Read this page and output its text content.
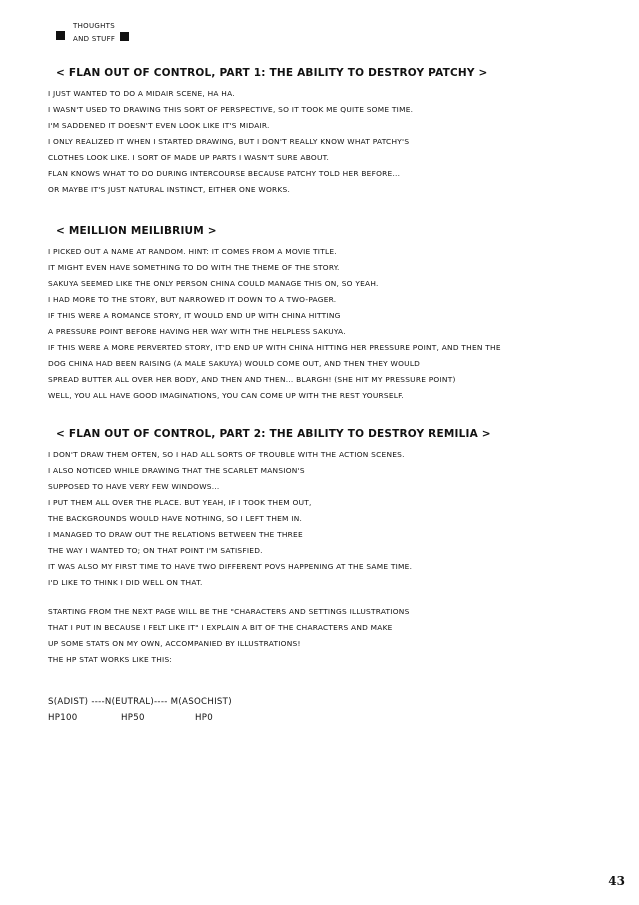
THOUGHTS
AND STUFF
< FLAN OUT OF CONTROL, PART 1: THE ABILITY TO DESTROY PATCHY >
I JUST WANTED TO DO A MIDAIR SCENE, HA HA.
I WASN'T USED TO DRAWING THIS SORT OF PERSPECTIVE, SO IT TOOK ME QUITE SOME TIME.
I'M SADDENED IT DOESN'T EVEN LOOK LIKE IT'S MIDAIR.
I ONLY REALIZED IT WHEN I STARTED DRAWING, BUT I DON'T REALLY KNOW WHAT PATCHY'S
CLOTHES LOOK LIKE. I SORT OF MADE UP PARTS I WASN'T SURE ABOUT.
FLAN KNOWS WHAT TO DO DURING INTERCOURSE BECAUSE PATCHY TOLD HER BEFORE...
OR MAYBE IT'S JUST NATURAL INSTINCT, EITHER ONE WORKS.
< MEILLION MEILIBRIUM >
I PICKED OUT A NAME AT RANDOM. HINT: IT COMES FROM A MOVIE TITLE.
IT MIGHT EVEN HAVE SOMETHING TO DO WITH THE THEME OF THE STORY.
SAKUYA SEEMED LIKE THE ONLY PERSON CHINA COULD MANAGE THIS ON, SO YEAH.
I HAD MORE TO THE STORY, BUT NARROWED IT DOWN TO A TWO-PAGER.
IF THIS WERE A ROMANCE STORY, IT WOULD END UP WITH CHINA HITTING
A PRESSURE POINT BEFORE HAVING HER WAY WITH THE HELPLESS SAKUYA.
IF THIS WERE A MORE PERVERTED STORY, IT'D END UP WITH CHINA HITTING HER PRESSURE POINT, AND THEN THE
DOG CHINA HAD BEEN RAISING (A MALE SAKUYA) WOULD COME OUT, AND THEN THEY WOULD
SPREAD BUTTER ALL OVER HER BODY, AND THEN AND THEN... BLARGH! (SHE HIT MY PRESSURE POINT)
WELL, YOU ALL HAVE GOOD IMAGINATIONS, YOU CAN COME UP WITH THE REST YOURSELF.
< FLAN OUT OF CONTROL, PART 2: THE ABILITY TO DESTROY REMILIA >
I DON'T DRAW THEM OFTEN, SO I HAD ALL SORTS OF TROUBLE WITH THE ACTION SCENES.
I ALSO NOTICED WHILE DRAWING THAT THE SCARLET MANSION'S
SUPPOSED TO HAVE VERY FEW WINDOWS...
I PUT THEM ALL OVER THE PLACE. BUT YEAH, IF I TOOK THEM OUT,
THE BACKGROUNDS WOULD HAVE NOTHING, SO I LEFT THEM IN.
I MANAGED TO DRAW OUT THE RELATIONS BETWEEN THE THREE
THE WAY I WANTED TO; ON THAT POINT I'M SATISFIED.
IT WAS ALSO MY FIRST TIME TO HAVE TWO DIFFERENT POVS HAPPENING AT THE SAME TIME.
I'D LIKE TO THINK I DID WELL ON THAT.
STARTING FROM THE NEXT PAGE WILL BE THE "CHARACTERS AND SETTINGS ILLUSTRATIONS
THAT I PUT IN BECAUSE I FELT LIKE IT" I EXPLAIN A BIT OF THE CHARACTERS AND MAKE
UP SOME STATS ON MY OWN, ACCOMPANIED BY ILLUSTRATIONS!
THE HP STAT WORKS LIKE THIS:
S(ADIST) ----N(EUTRAL)---- M(ASOCHIST)
HP100	HP50	HP0
43
